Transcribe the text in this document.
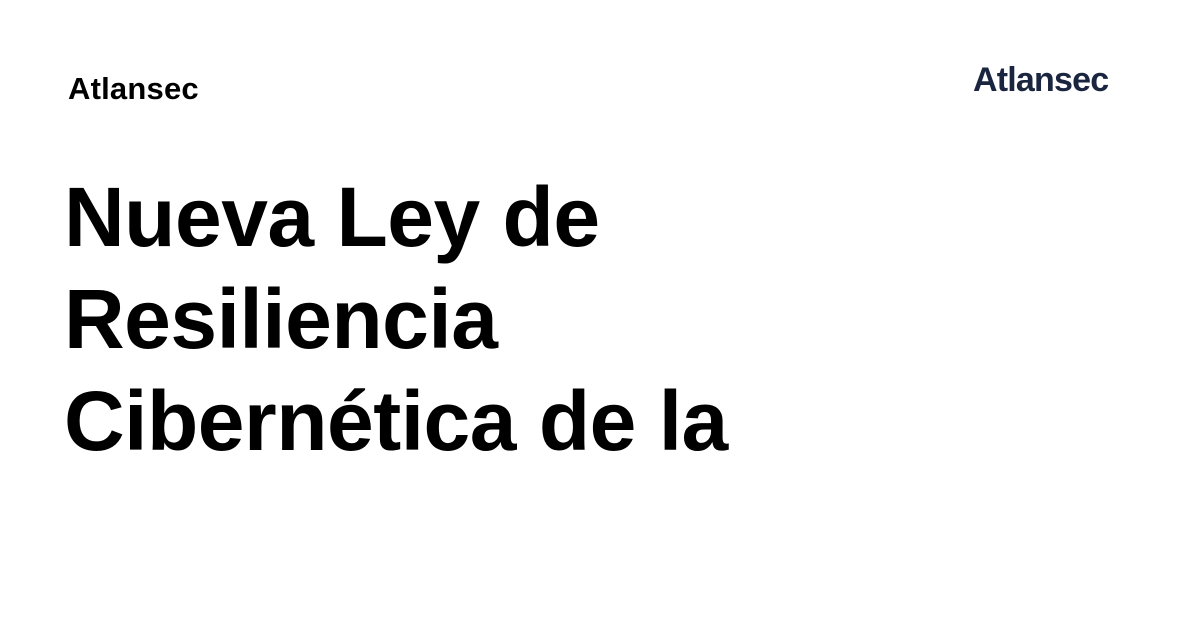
Atlansec	Atlansec
Nueva Ley de
Resiliencia
Cibernética de la
